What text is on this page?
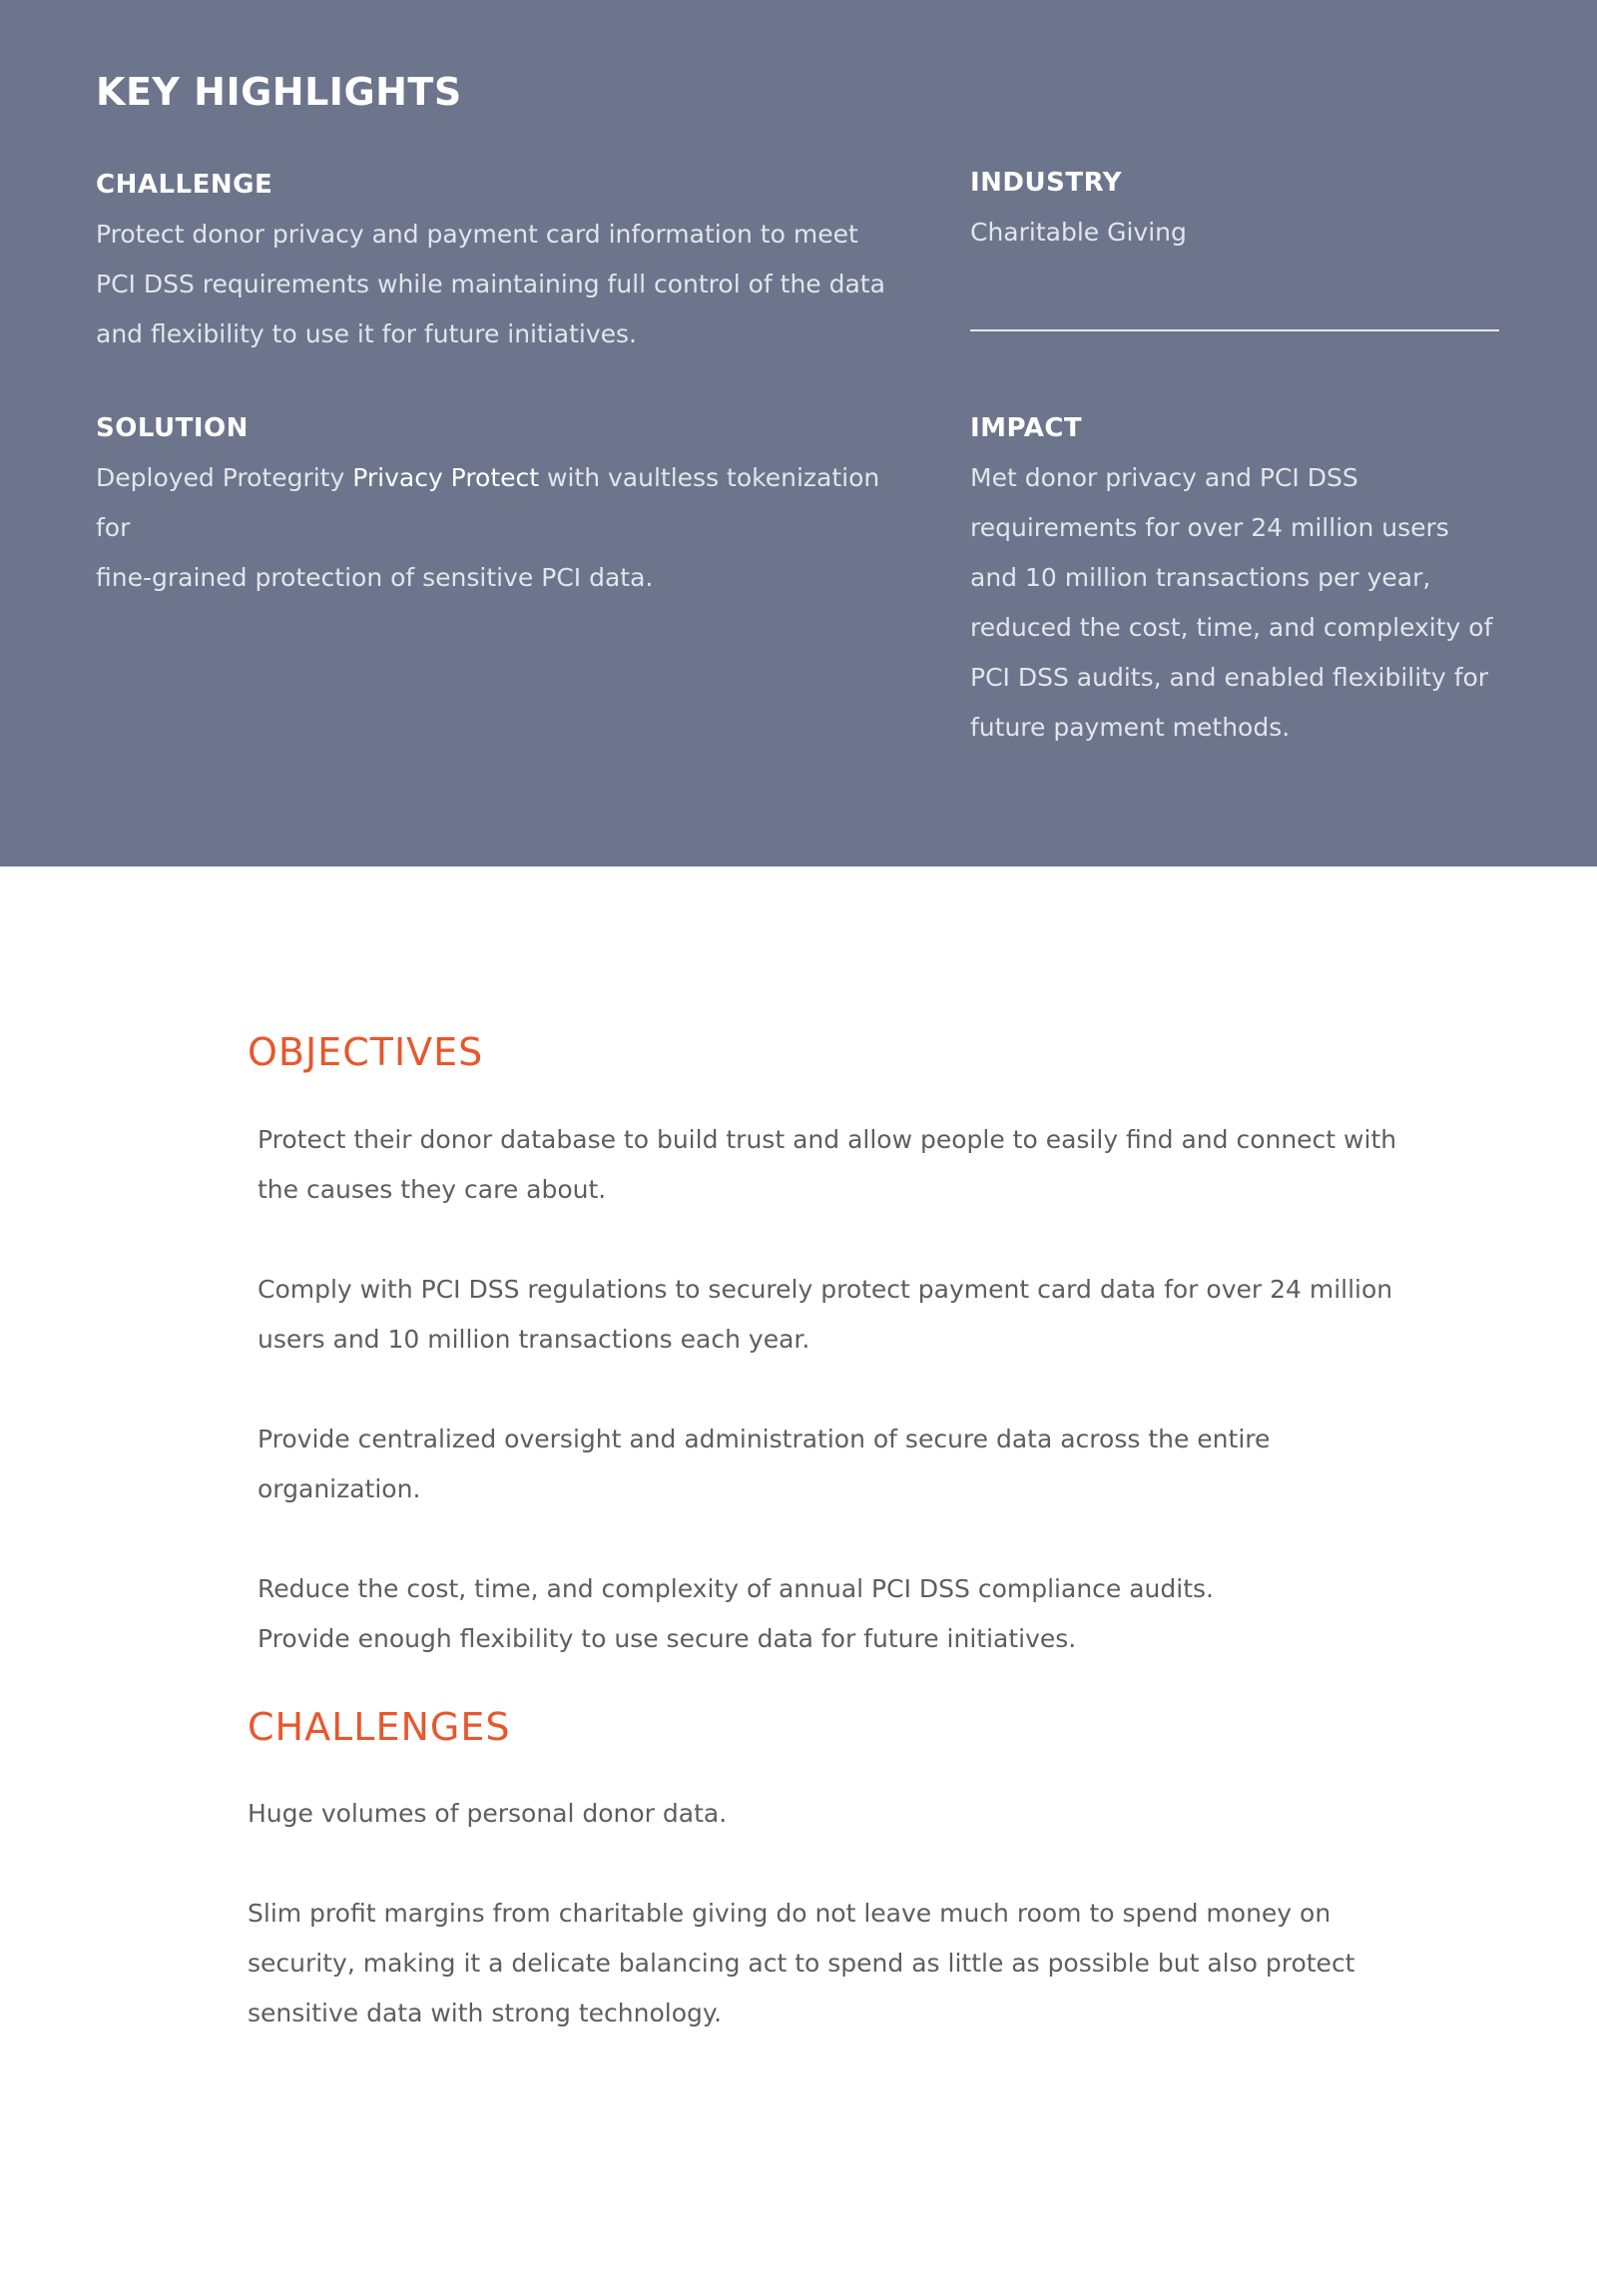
KEY HIGHLIGHTS
CHALLENGE

Protect donor privacy and payment card information to meet
PCI DSS requirements while maintaining full control of the data
and flexibility to use it for future initiatives.

INDUSTRY

Charitable Giving

SOLUTION

Deployed Protegrity Privacy Protect with vaultless tokenization for
fine-grained protection of sensitive PCI data.

IMPACT

Met donor privacy and PCI DSS
requirements for over 24 million users
and 10 million transactions per year,
reduced the cost, time, and complexity of
PCI DSS audits, and enabled flexibility for
future payment methods.

OBJECTIVES

Protect their donor database to build trust and allow people to easily find and connect with
the causes they care about.

Comply with PCI DSS regulations to securely protect payment card data for over 24 million
users and 10 million transactions each year.

Provide centralized oversight and administration of secure data across the entire
organization.

Reduce the cost, time, and complexity of annual PCI DSS compliance audits.

Provide enough flexibility to use secure data for future initiatives.

CHALLENGES

Huge volumes of personal donor data.

Slim profit margins from charitable giving do not leave much room to spend money on
security, making it a delicate balancing act to spend as little as possible but also protect
sensitive data with strong technology.
